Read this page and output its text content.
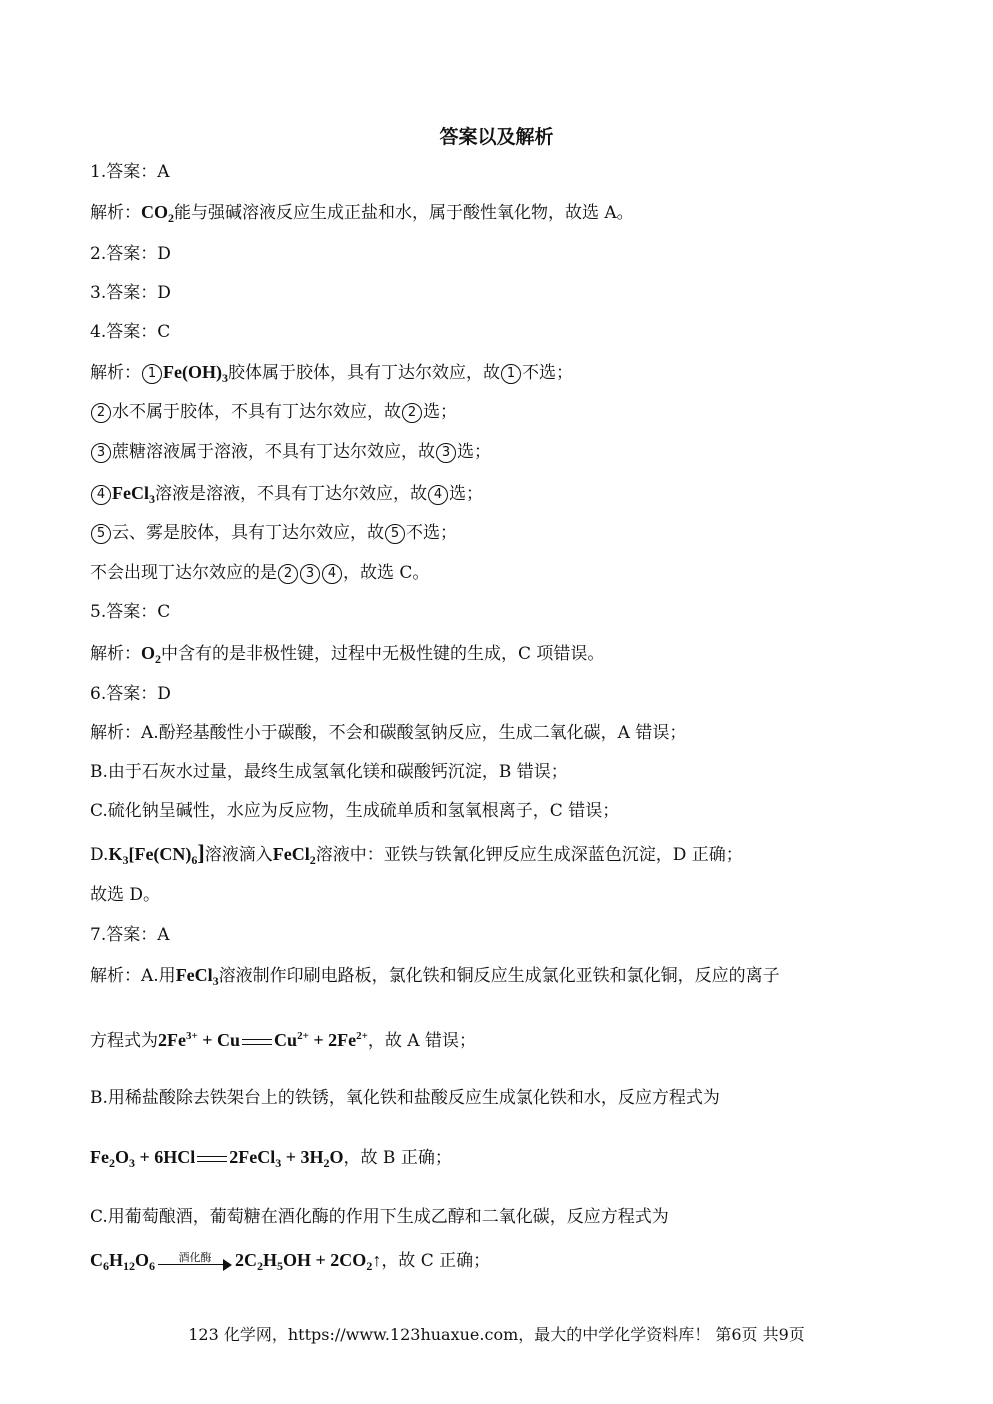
答案以及解析
1.答案：A
解析：$CO_2$能与强碱溶液反应生成正盐和水，属于酸性氧化物，故选 A。
2.答案：D
3.答案：D
4.答案：C
解析： 1 $Fe(OH)_3$胶体属于胶体，具有丁达尔效应，故 1 不选；
2 水不属于胶体，不具有丁达尔效应，故 2 选；
3 蔗糖溶液属于溶液，不具有丁达尔效应，故 3 选；
4 FeCl$_3$溶液是溶液，不具有丁达尔效应，故 4 选；
5 云、雾是胶体，具有丁达尔效应，故 5 不选；
不会出现丁达尔效应的是 2 3 4 ，故选 C。
5.答案：C
解析：$O_2$中含有的是非极性键，过程中无极性键的生成，C 项错误。
6.答案：D
解析：A.酚羟基酸性小于碳酸，不会和碳酸氢钠反应，生成二氧化碳，A 错误；
B.由于石灰水过量，最终生成氢氧化镁和碳酸钙沉淀，B 错误；
C.硫化钠呈碱性，水应为反应物，生成硫单质和氢氧根离子，C 错误；
$D.K_3[Fe(CN)_6]$溶液滴入FeCl$_2$溶液中：亚铁与铁氰化钾反应生成深蓝色沉淀，D 正确；
故选 D。
7.答案：A
解析：A.用FeCl$_3$溶液制作印刷电路板，氯化铁和铜反应生成氯化亚铁和氯化铜，反应的离子
方程式为$2Fe^{3+} + Cu$ $Cu^{2+} + 2Fe^{2+}$，故 A 错误；
B.用稀盐酸除去铁架台上的铁锈，氧化铁和盐酸反应生成氯化铁和水，反应方程式为
$Fe_2O_3 + 6HCl$ 2FeCl$_3$ + $3H_2O$，故 B 正确；
C.用葡萄酿酒，葡萄糖在酒化酶的作用下生成乙醇和二氧化碳，反应方程式为
$C_6H_{12}O_6$
酒化酶	$2C_2H_5OH$ + $2CO_2↑$，故 C 正确；
123 化学网，https://www.123huaxue.com，最大的中学化学资料库！ 第6页 共9页
